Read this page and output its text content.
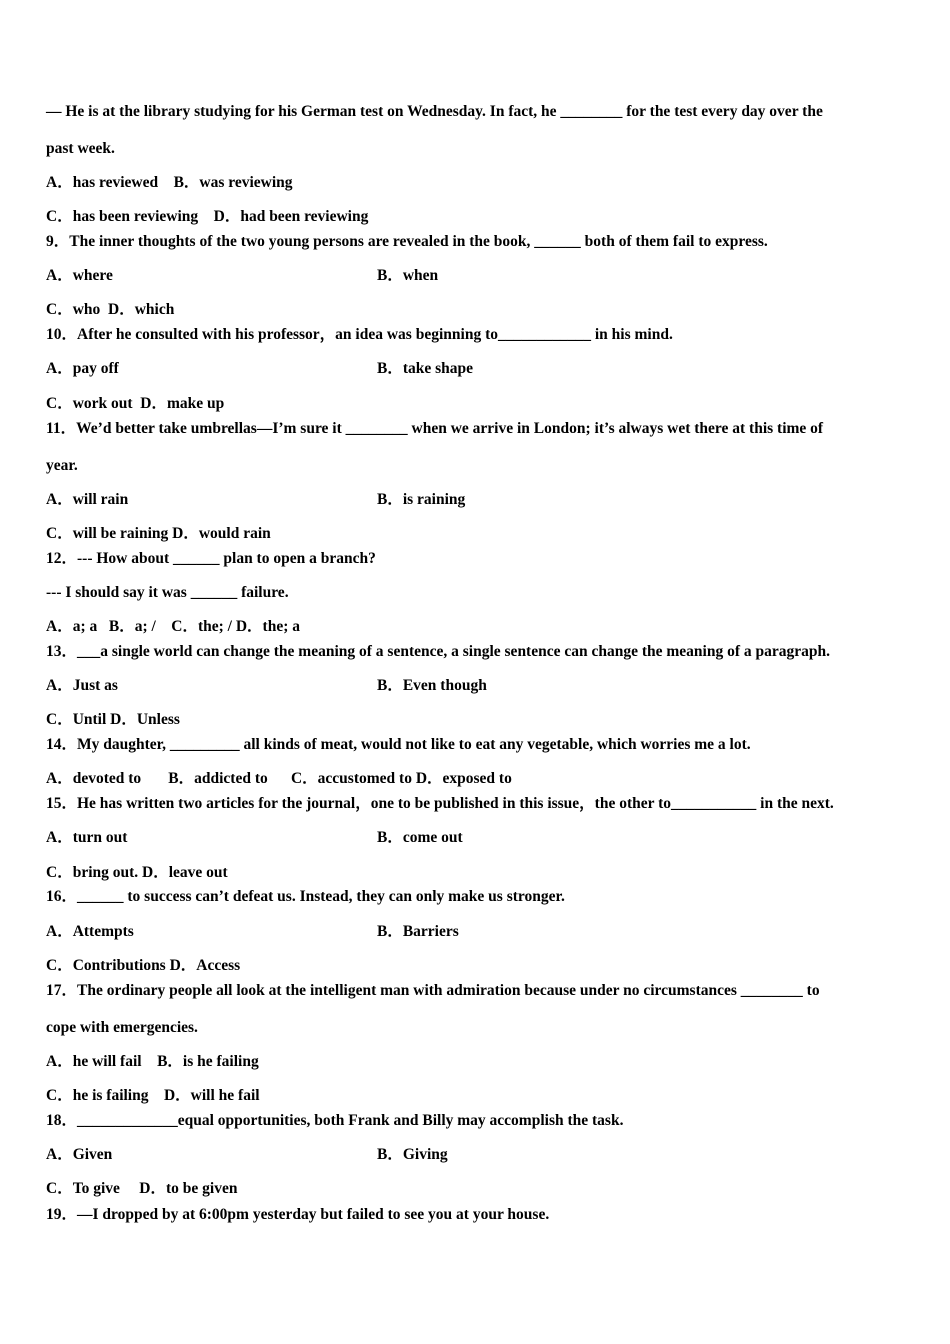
— He is at the library studying for his German test on Wednesday. In fact, he ________ for the test every day over the
past week.
A．has reviewed    B．was reviewing
C．has been reviewing    D．had been reviewing
9．The inner thoughts of the two young persons are revealed in the book, ______ both of them fail to express.
A．where	B．when
C．who  D．which
10．After he consulted with his professor，an idea was beginning to____________ in his mind.
A．pay off	B．take shape
C．work out  D．make up
11．We’d better take umbrellas—I’m sure it ________ when we arrive in London; it’s always wet there at this time of
year.
A．will rain	B．is raining
C．will be raining D．would rain
12．--- How about ______ plan to open a branch?
--- I should say it was ______ failure.
A．a; a   B．a; /    C．the; / D．the; a
13．___a single world can change the meaning of a sentence, a single sentence can change the meaning of a paragraph.
A．Just as	B．Even though
C．Until D．Unless
14．My daughter, _________ all kinds of meat, would not like to eat any vegetable, which worries me a lot.
A．devoted to       B．addicted to      C．accustomed to D．exposed to
15．He has written two articles for the journal，one to be published in this issue，the other to___________ in the next.
A．turn out	B．come out
C．bring out. D．leave out
16．______ to success can’t defeat us. Instead, they can only make us stronger.
A．Attempts	B．Barriers
C．Contributions D．Access
17．The ordinary people all look at the intelligent man with admiration because under no circumstances ________ to
cope with emergencies.
A．he will fail    B．is he failing
C．he is failing    D．will he fail
18．_____________equal opportunities, both Frank and Billy may accomplish the task.
A．Given	B．Giving
C．To give     D．to be given
19．—I dropped by at 6:00pm yesterday but failed to see you at your house.
